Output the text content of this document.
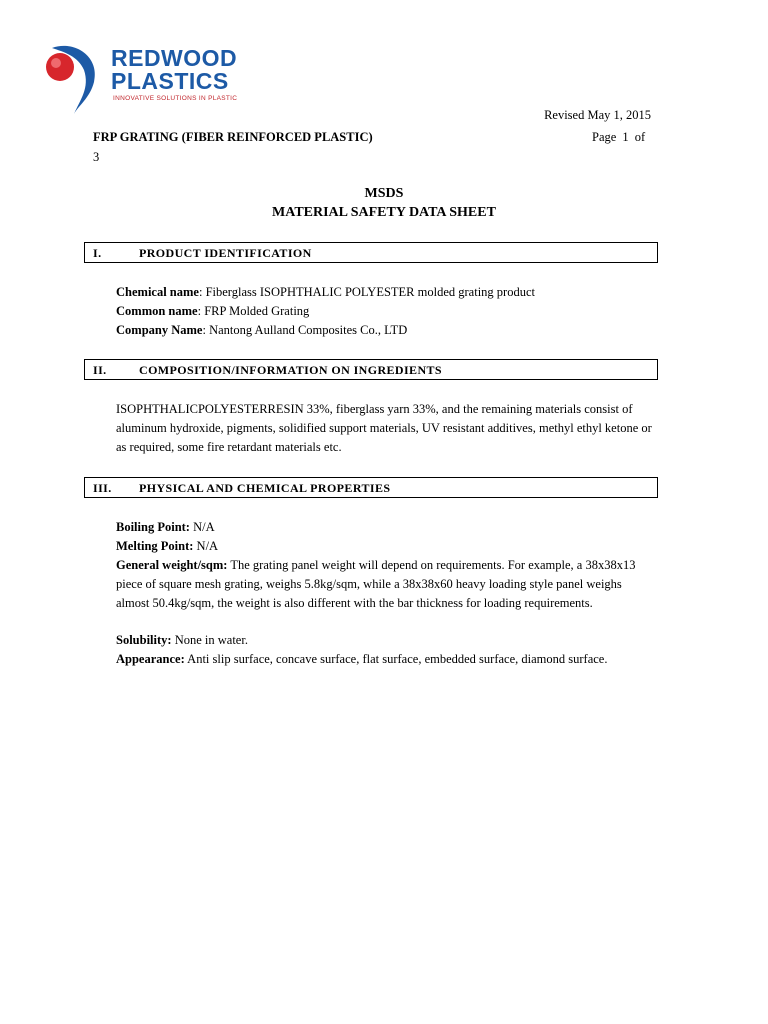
REDWOOD
PLASTICS
INNOVATIVE SOLUTIONS IN PLASTIC
Revised May 1, 2015
FRP GRATING (FIBER REINFORCED PLASTIC)	Page 1 of
3
MSDS
MATERIAL SAFETY DATA SHEET
I.	PRODUCT IDENTIFICATION

Chemical name: Fiberglass ISOPHTHALIC POLYESTER molded grating product

Common name: FRP Molded Grating

Company Name: Nantong Aulland Composites Co., LTD

II.	COMPOSITION/INFORMATION ON INGREDIENTS

ISOPHTHALICPOLYESTERRESIN 33%, fiberglass yarn 33%, and the remaining materials consist of aluminum hydroxide, pigments, solidified support materials, UV resistant additives, methyl ethyl ketone or as required, some fire retardant materials etc.

III. PHYSICAL AND CHEMICAL PROPERTIES

Boiling Point: N/A

Melting Point: N/A

General weight/sqm: The grating panel weight will depend on requirements. For example, a 38x38x13 piece of square mesh grating, weighs 5.8kg/sqm, while a 38x38x60 heavy loading style panel weighs almost 50.4kg/sqm, the weight is also different with the bar thickness for loading requirements.

Solubility: None in water.

Appearance: Anti slip surface, concave surface, flat surface, embedded surface, diamond surface.
